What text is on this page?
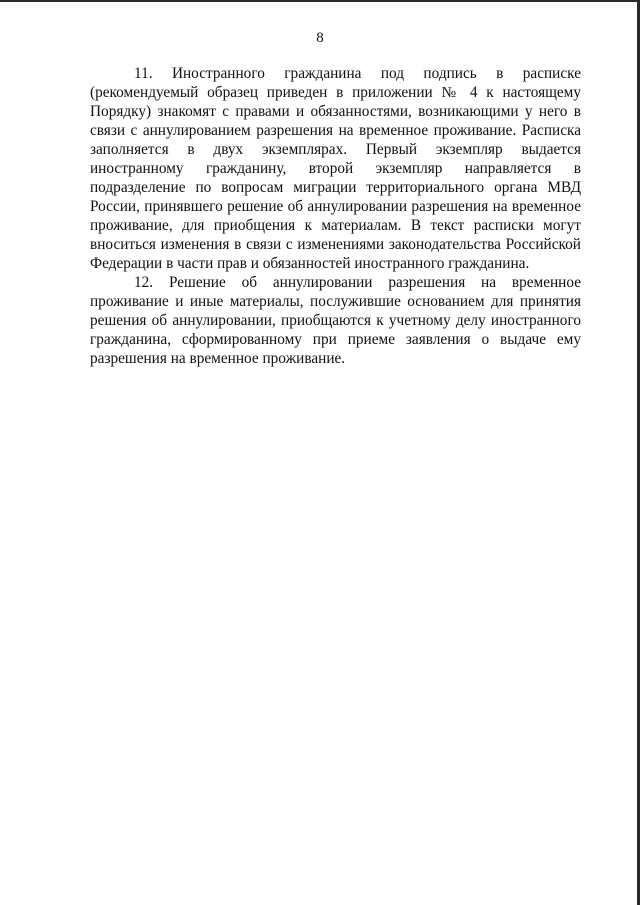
8

11. Иностранного гражданина под подпись в расписке (рекомендуемый образец приведен в приложении № 4 к настоящему Порядку) знакомят с правами и обязанностями, возникающими у него в связи с аннулированием разрешения на временное проживание. Расписка заполняется в двух экземплярах. Первый экземпляр выдается иностранному гражданину, второй экземпляр направляется в подразделение по вопросам миграции территориального органа МВД России, принявшего решение об аннулировании разрешения на временное проживание, для приобщения к материалам. В текст расписки могут вноситься изменения в связи с изменениями законодательства Российской Федерации в части прав и обязанностей иностранного гражданина.

12. Решение об аннулировании разрешения на временное проживание и иные материалы, послужившие основанием для принятия решения об аннулировании, приобщаются к учетному делу иностранного гражданина, сформированному при приеме заявления о выдаче ему разрешения на временное проживание.
